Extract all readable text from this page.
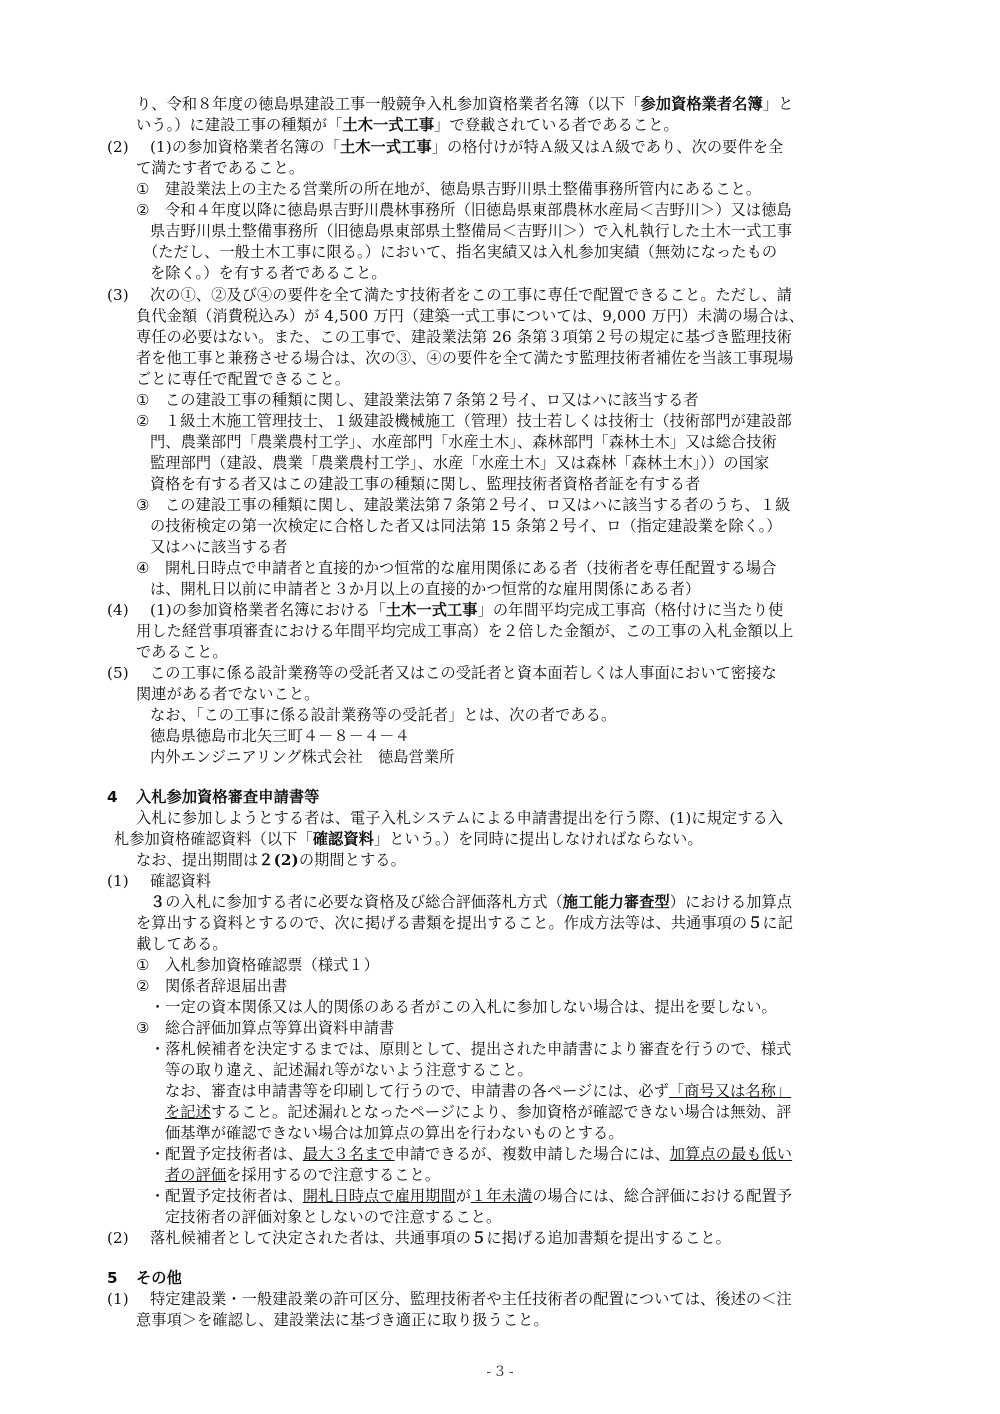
り、令和８年度の徳島県建設工事一般競争入札参加資格業者名簿（以下「参加資格業者名簿」と
いう。）に建設工事の種類が「土木一式工事」で登載されている者であること。
(2) (1)の参加資格業者名簿の「土木一式工事」の格付けが特Ａ級又はＡ級であり、次の要件を全
て満たす者であること。
① 建設業法上の主たる営業所の所在地が、徳島県吉野川県土整備事務所管内にあること。
② 令和４年度以降に徳島県吉野川農林事務所（旧徳島県東部農林水産局＜吉野川＞）又は徳島
県吉野川県土整備事務所（旧徳島県東部県土整備局＜吉野川＞）で入札執行した土木一式工事
（ただし、一般土木工事に限る。）において、指名実績又は入札参加実績（無効になったもの
を除く。）を有する者であること。
(3) 次の①、②及び④の要件を全て満たす技術者をこの工事に専任で配置できること。ただし、請
負代金額（消費税込み）が 4,500 万円（建築一式工事については、9,000 万円）未満の場合は、
専任の必要はない。また、この工事で、建設業法第 26 条第３項第２号の規定に基づき監理技術
者を他工事と兼務させる場合は、次の③、④の要件を全て満たす監理技術者補佐を当該工事現場
ごとに専任で配置できること。
① この建設工事の種類に関し、建設業法第７条第２号イ、ロ又はハに該当する者
② １級土木施工管理技士、１級建設機械施工（管理）技士若しくは技術士（技術部門が建設部
門、農業部門「農業農村工学」、水産部門「水産土木」、森林部門「森林土木」又は総合技術
監理部門（建設、農業「農業農村工学」、水産「水産土木」又は森林「森林土木」））の国家
資格を有する者又はこの建設工事の種類に関し、監理技術者資格者証を有する者
③ この建設工事の種類に関し、建設業法第７条第２号イ、ロ又はハに該当する者のうち、１級
の技術検定の第一次検定に合格した者又は同法第 15 条第２号イ、ロ（指定建設業を除く。）
又はハに該当する者
④ 開札日時点で申請者と直接的かつ恒常的な雇用関係にある者（技術者を専任配置する場合
は、開札日以前に申請者と３か月以上の直接的かつ恒常的な雇用関係にある者）
(4) (1)の参加資格業者名簿における「土木一式工事」の年間平均完成工事高（格付けに当たり使
用した経営事項審査における年間平均完成工事高）を２倍した金額が、この工事の入札金額以上
であること。
(5) この工事に係る設計業務等の受託者又はこの受託者と資本面若しくは人事面において密接な
関連がある者でないこと。
なお、「この工事に係る設計業務等の受託者」とは、次の者である。
徳島県徳島市北矢三町４－８－４－４
内外エンジニアリング株式会社　徳島営業所
4 入札参加資格審査申請書等
入札に参加しようとする者は、電子入札システムによる申請書提出を行う際、(1)に規定する入
札参加資格確認資料（以下「確認資料」という。）を同時に提出しなければならない。
なお、提出期間は２(2)の期間とする。
(1) 確認資料
３の入札に参加する者に必要な資格及び総合評価落札方式（施工能力審査型）における加算点
を算出する資料とするので、次に掲げる書類を提出すること。作成方法等は、共通事項の５に記
載してある。
① 入札参加資格確認票（様式１）
② 関係者辞退届出書
・一定の資本関係又は人的関係のある者がこの入札に参加しない場合は、提出を要しない。
③ 総合評価加算点等算出資料申請書
・落札候補者を決定するまでは、原則として、提出された申請書により審査を行うので、様式
等の取り違え、記述漏れ等がないよう注意すること。
なお、審査は申請書等を印刷して行うので、申請書の各ページには、必ず「商号又は名称」
を記述すること。記述漏れとなったページにより、参加資格が確認できない場合は無効、評
価基準が確認できない場合は加算点の算出を行わないものとする。
・配置予定技術者は、最大３名まで申請できるが、複数申請した場合には、加算点の最も低い
者の評価を採用するので注意すること。
・配置予定技術者は、開札日時点で雇用期間が１年未満の場合には、総合評価における配置予
定技術者の評価対象としないので注意すること。
(2) 落札候補者として決定された者は、共通事項の５に掲げる追加書類を提出すること。
5 その他
(1) 特定建設業・一般建設業の許可区分、監理技術者や主任技術者の配置については、後述の＜注
意事項＞を確認し、建設業法に基づき適正に取り扱うこと。
- 3 -
